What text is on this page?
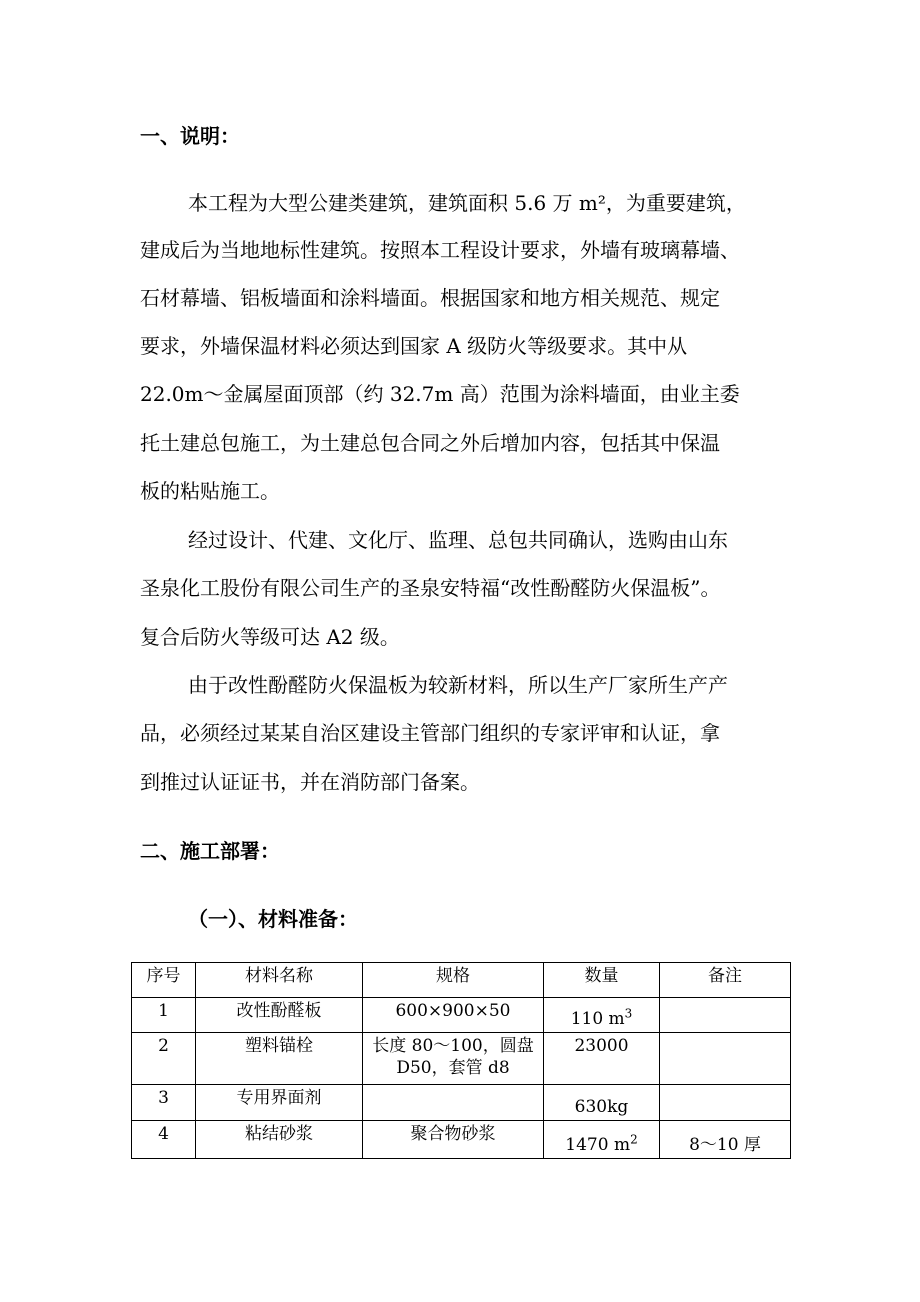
一、说明：
本工程为大型公建类建筑，建筑面积 5.6 万 m²，为重要建筑，
建成后为当地地标性建筑。按照本工程设计要求，外墙有玻璃幕墙、
石材幕墙、铝板墙面和涂料墙面。根据国家和地方相关规范、规定
要求，外墙保温材料必须达到国家 A 级防火等级要求。其中从
22.0m～金属屋面顶部（约 32.7m 高）范围为涂料墙面，由业主委
托土建总包施工，为土建总包合同之外后增加内容，包括其中保温
板的粘贴施工。
经过设计、代建、文化厅、监理、总包共同确认，选购由山东
圣泉化工股份有限公司生产的圣泉安特福“改性酚醛防火保温板”。
复合后防火等级可达 A2 级。
由于改性酚醛防火保温板为较新材料，所以生产厂家所生产产
品，必须经过某某自治区建设主管部门组织的专家评审和认证，拿
到推过认证证书，并在消防部门备案。
二、施工部署：
（一）、材料准备：
序号	材料名称	规格	数量	备注
1	改性酚醛板	600×900×50	110 $m^3$	
2	塑料锚栓	长度 80～100，圆盘 D50，套管 d8	23000	
3	专用界面剂		630kg	
4	粘结砂浆	聚合物砂浆	1470 $m^2$	8～10 厚
